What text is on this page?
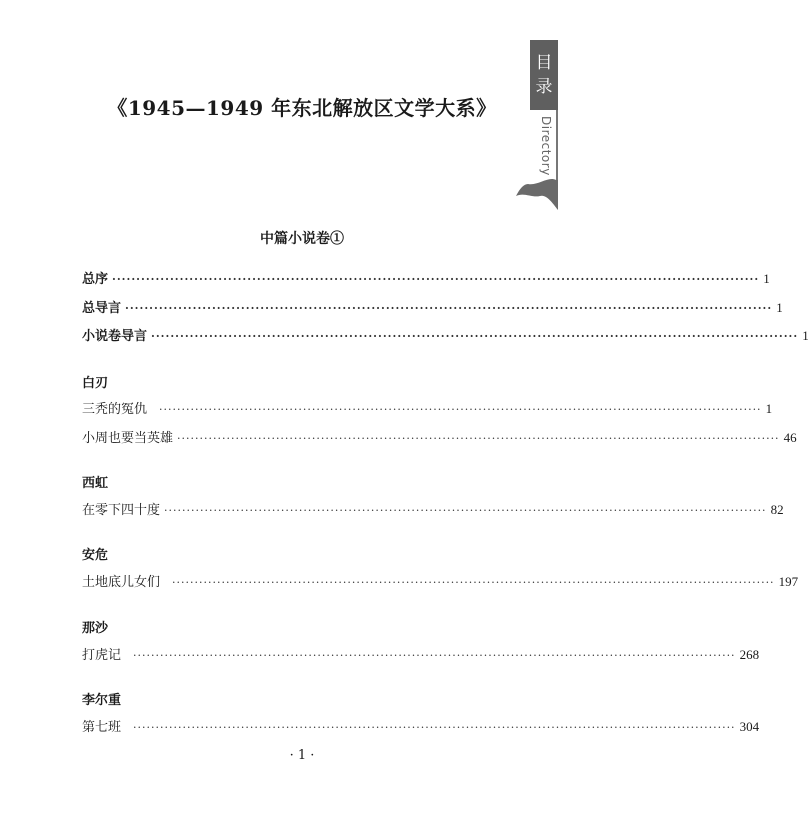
目
录
Directory
《1945—1949 年东北解放区文学大系》
中篇小说卷①
总序 ······································································································································ 1
总导言 ······································································································································ 1
小说卷导言 ······································································································································ 1
白刃
三秃的冤仇 ······································································································································ 1
小周也要当英雄 ······································································································································ 46
西虹
在零下四十度 ······································································································································ 82
安危
土地底儿女们 ······································································································································ 197
那沙
打虎记 ······································································································································ 268
李尔重
第七班 ······································································································································ 304
· 1 ·
